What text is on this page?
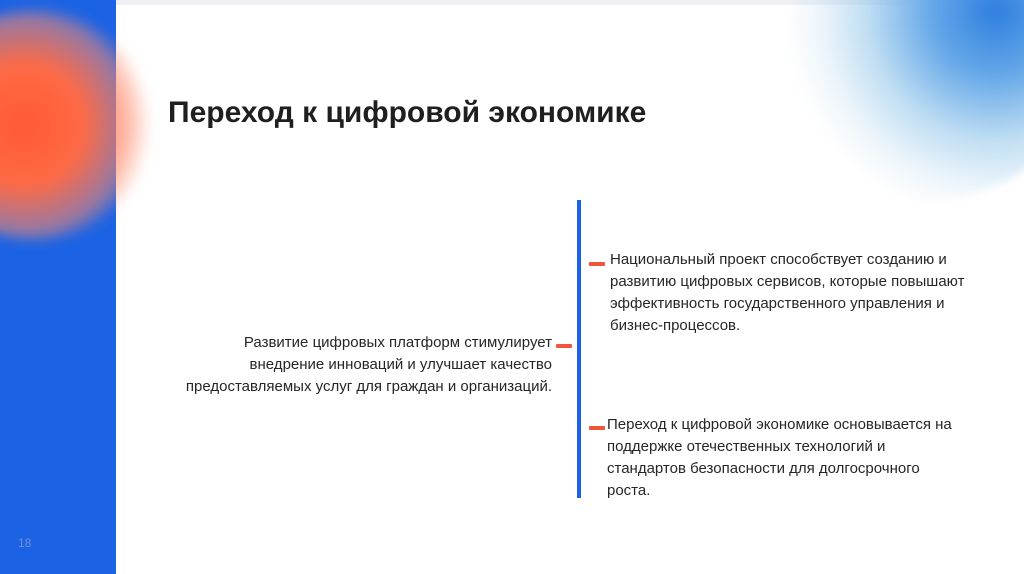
Переход к цифровой экономике

Национальный проект способствует созданию и развитию цифровых сервисов, которые повышают эффективность государственного управления и бизнес-процессов.

Развитие цифровых платформ стимулирует внедрение инноваций и улучшает качество предоставляемых услуг для граждан и организаций.

Переход к цифровой экономике основывается на поддержке отечественных технологий и стандартов безопасности для долгосрочного роста.

18
